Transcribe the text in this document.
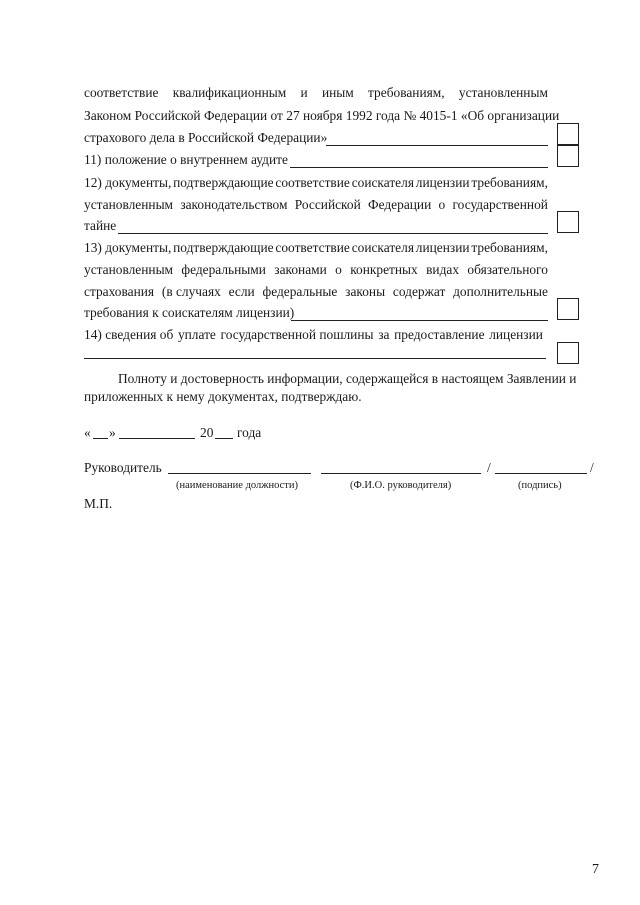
соответствие квалификационным и иным требованиям, установленным
Законом Российской Федерации от 27 ноября 1992 года № 4015-1 «Об организации
страхового дела в Российской Федерации»
11) положение о внутреннем аудите
12) документы, подтверждающие соответствие соискателя лицензии требованиям,
установленным законодательством Российской Федерации о государственной
тайне
13) документы, подтверждающие соответствие соискателя лицензии требованиям,
установленным федеральными законами о конкретных видах обязательного
страхования (в случаях если федеральные законы содержат дополнительные
требования к соискателям лицензии)
14) сведения об уплате государственной пошлины за предоставление лицензии
Полноту и достоверность информации, содержащейся в настоящем Заявлении и
приложенных к нему документах, подтверждаю.
« »	20 года
Руководитель	/	/
(наименование должности)	(Ф.И.О. руководителя)	(подпись)
М.П.
7
